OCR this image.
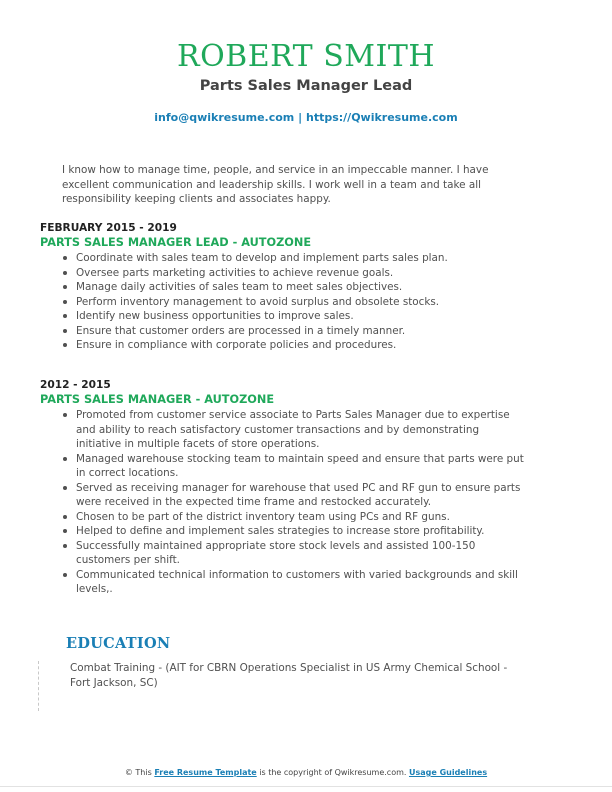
ROBERT SMITH
Parts Sales Manager Lead
info@qwikresume.com | https://Qwikresume.com
I know how to manage time, people, and service in an impeccable manner. I have excellent communication and leadership skills. I work well in a team and take all responsibility keeping clients and associates happy.
FEBRUARY 2015 - 2019
PARTS SALES MANAGER LEAD - AUTOZONE
Coordinate with sales team to develop and implement parts sales plan.
Oversee parts marketing activities to achieve revenue goals.
Manage daily activities of sales team to meet sales objectives.
Perform inventory management to avoid surplus and obsolete stocks.
Identify new business opportunities to improve sales.
Ensure that customer orders are processed in a timely manner.
Ensure in compliance with corporate policies and procedures.
2012 - 2015
PARTS SALES MANAGER - AUTOZONE
Promoted from customer service associate to Parts Sales Manager due to expertise and ability to reach satisfactory customer transactions and by demonstrating initiative in multiple facets of store operations.
Managed warehouse stocking team to maintain speed and ensure that parts were put in correct locations.
Served as receiving manager for warehouse that used PC and RF gun to ensure parts were received in the expected time frame and restocked accurately.
Chosen to be part of the district inventory team using PCs and RF guns.
Helped to define and implement sales strategies to increase store profitability.
Successfully maintained appropriate store stock levels and assisted 100-150 customers per shift.
Communicated technical information to customers with varied backgrounds and skill levels,.
EDUCATION
Combat Training - (AIT for CBRN Operations Specialist in US Army Chemical School - Fort Jackson, SC)
© This Free Resume Template is the copyright of Qwikresume.com. Usage Guidelines
